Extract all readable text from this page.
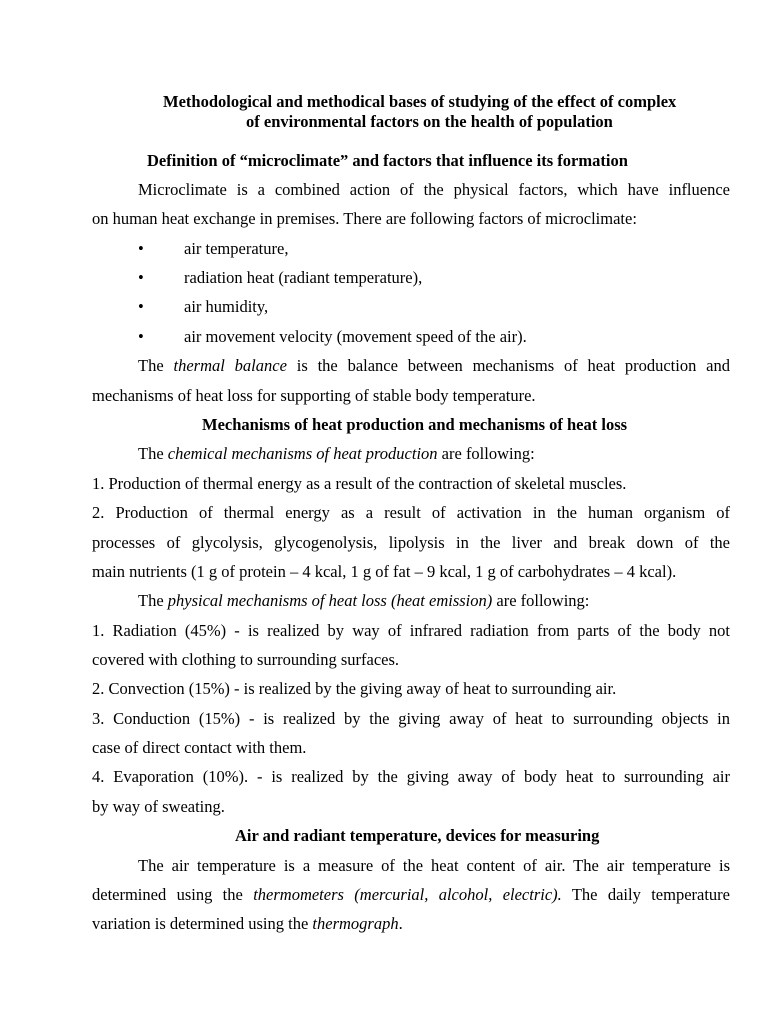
Methodological and methodical bases of studying of the effect of complex
of environmental factors on the health of population
Definition of “microclimate” and factors that influence its formation
Microclimate is a combined action of the physical factors, which have influence
on human heat exchange in premises. There are following factors of microclimate:
• air temperature,
• radiation heat (radiant temperature),
• air humidity,
• air movement velocity (movement speed of the air).
The thermal balance is the balance between mechanisms of heat production and
mechanisms of heat loss for supporting of stable body temperature.
Mechanisms of heat production and mechanisms of heat loss
The chemical mechanisms of heat production are following:
1. Production of thermal energy as a result of the contraction of skeletal muscles.
2. Production of thermal energy as a result of activation in the human organism of
processes of glycolysis, glycogenolysis, lipolysis in the liver and break down of the
main nutrients (1 g of protein – 4 kcal, 1 g of fat – 9 kcal, 1 g of carbohydrates – 4 kcal).
The physical mechanisms of heat loss (heat emission) are following:
1. Radiation (45%) - is realized by way of infrared radiation from parts of the body not
covered with clothing to surrounding surfaces.
2. Convection (15%) - is realized by the giving away of heat to surrounding air.
3. Conduction (15%) - is realized by the giving away of heat to surrounding objects in
case of direct contact with them.
4. Evaporation (10%). - is realized by the giving away of body heat to surrounding air
by way of sweating.
Air and radiant temperature, devices for measuring
The air temperature is a measure of the heat content of air. The air temperature is
determined using the thermometers (mercurial, alcohol, electric). The daily temperature
variation is determined using the thermograph.
